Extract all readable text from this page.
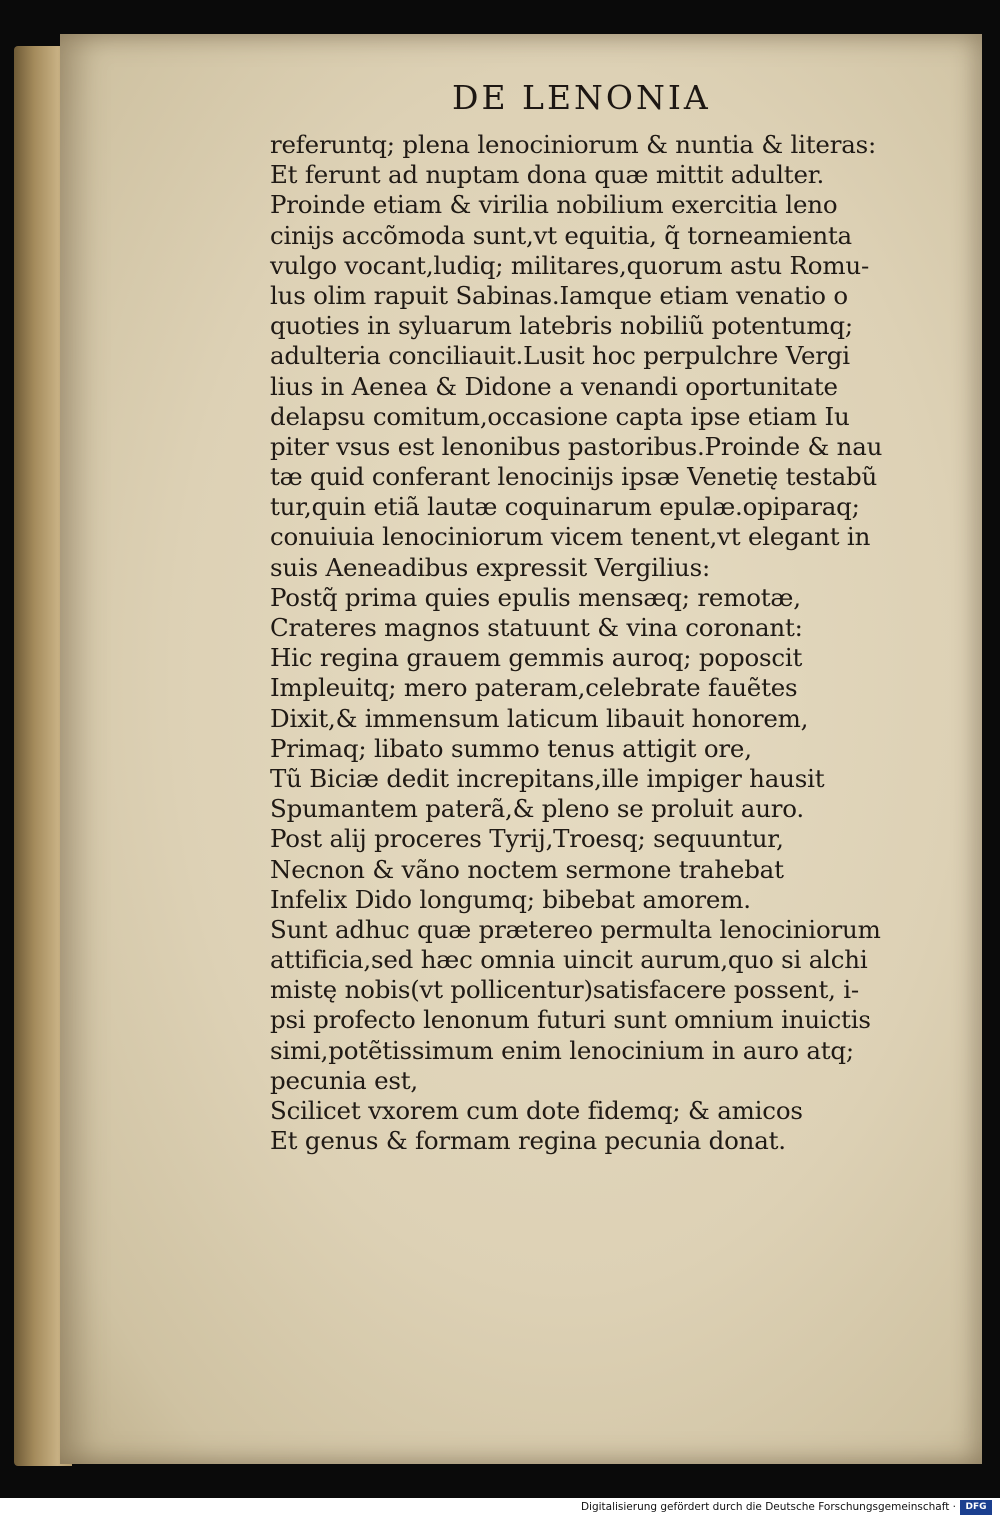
DE LENONIA
referuntq; plena lenociniorum & nuntia & literas:
Et ferunt ad nuptam dona quæ mittit adulter.
Proinde etiam & virilia nobilium exercitia leno
cinijs accõmoda sunt,vt equitia, q̃ torneamienta
vulgo vocant,ludiq; militares,quorum astu Romu-
lus olim rapuit Sabinas.Iamque etiam venatio o
quoties in syluarum latebris nobiliũ potentumq;
adulteria conciliauit.Lusit hoc perpulchre Vergi
lius in Aenea & Didone a venandi oportunitate
delapsu comitum,occasione capta ipse etiam Iu
piter vsus est lenonibus pastoribus.Proinde & nau
tæ quid conferant lenocinijs ipsæ Venetię testabũ
tur,quin etiã lautæ coquinarum epulæ.opiparaq;
conuiuia lenociniorum vicem tenent,vt elegant in
suis Aeneadibus expressit Vergilius:
Postq̃ prima quies epulis mensæq; remotæ,
Crateres magnos statuunt & vina coronant:
Hic regina grauem gemmis auroq; poposcit
Impleuitq; mero pateram,celebrate fauẽtes
Dixit,& immensum laticum libauit honorem,
Primaq; libato summo tenus attigit ore,
Tũ Biciæ dedit increpitans,ille impiger hausit
Spumantem paterã,& pleno se proluit auro.
Post alij proceres Tyrij,Troesq; sequuntur,
Necnon & vãno noctem sermone trahebat
Infelix Dido longumq; bibebat amorem.
Sunt adhuc quæ prætereo permulta lenociniorum
attificia,sed hæc omnia uincit aurum,quo si alchi
mistę nobis(vt pollicentur)satisfacere possent, i-
psi profecto lenonum futuri sunt omnium inuictis
simi,potẽtissimum enim lenocinium in auro atq;
pecunia est,
Scilicet vxorem cum dote fidemq; & amicos
Et genus & formam regina pecunia donat.
Digitalisierung gefördert durch die Deutsche Forschungsgemeinschaft ·	DFG
